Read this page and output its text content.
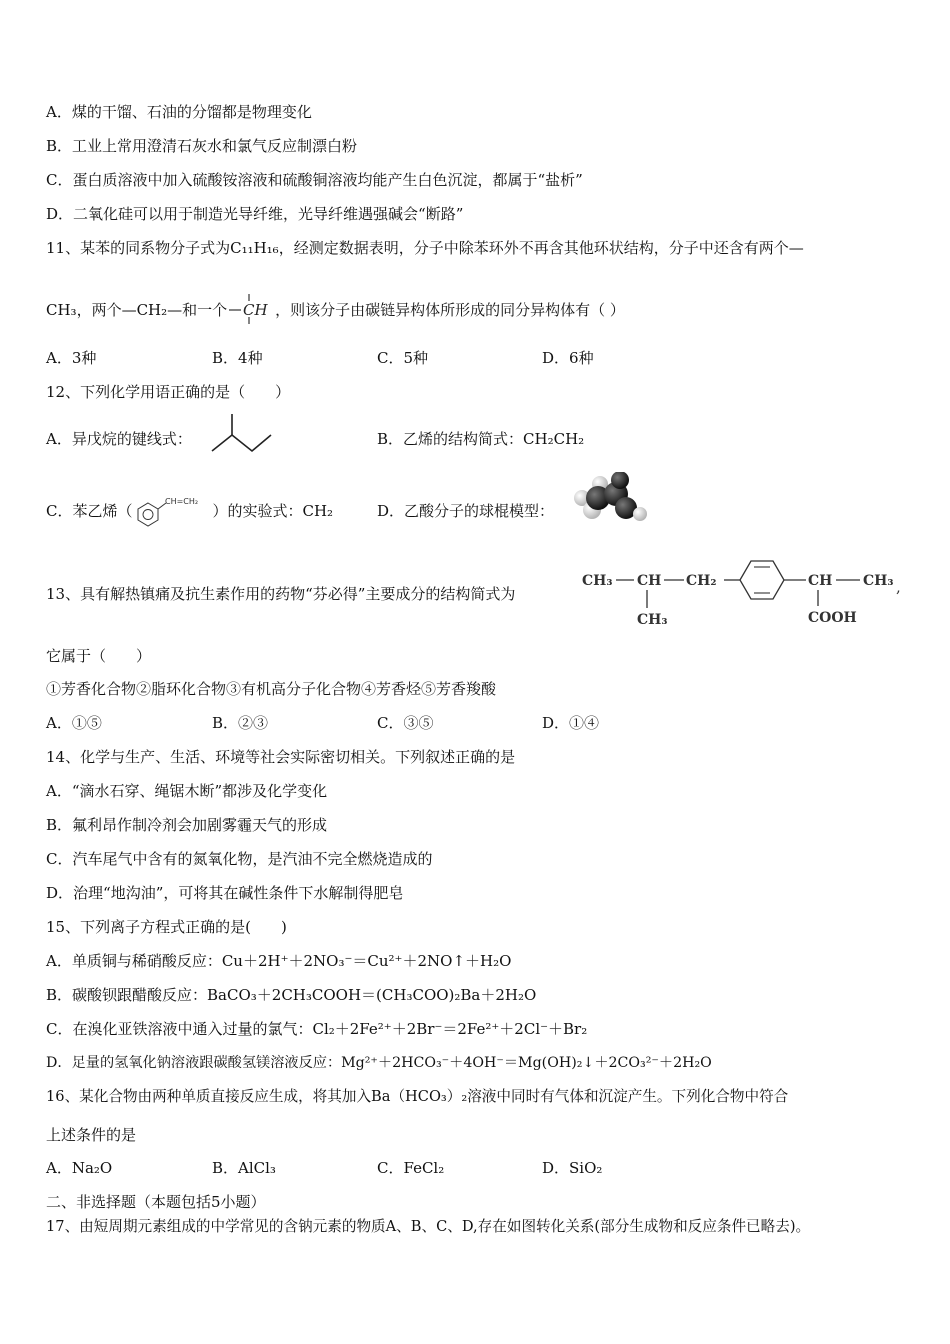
A．煤的干馏、石油的分馏都是物理变化
B．工业上常用澄清石灰水和氯气反应制漂白粉
C．蛋白质溶液中加入硫酸铵溶液和硫酸铜溶液均能产生白色沉淀，都属于“盐析”
D．二氧化硅可以用于制造光导纤维，光导纤维遇强碱会“断路”
11、某苯的同系物分子式为C₁₁H₁₆，经测定数据表明，分子中除苯环外不再含其他环状结构，分子中还含有两个—
CH₃，两个—CH₂—和一个 CH ，则该分子由碳链异构体所形成的同分异构体有（ ）
A．3种	B．4种	C．5种	D．6种
12、下列化学用语正确的是（　　）
A．异戊烷的键线式：	B．乙烯的结构简式：CH₂CH₂
C．苯乙烯（
CH=CH₂
）的实验式：CH₂	D．乙酸分子的球棍模型：
13、具有解热镇痛及抗生素作用的药物“芬必得”主要成分的结构简式为
CH₃ CH CH₂
CH₃
CH CH₃
COOH
,
它属于（　　）
①芳香化合物②脂环化合物③有机高分子化合物④芳香烃⑤芳香羧酸
A．①⑤	B．②③	C．③⑤	D．①④
14、化学与生产、生活、环境等社会实际密切相关。下列叙述正确的是
A．“滴水石穿、绳锯木断”都涉及化学变化
B．氟利昂作制冷剂会加剧雾霾天气的形成
C．汽车尾气中含有的氮氧化物，是汽油不完全燃烧造成的
D．治理“地沟油”，可将其在碱性条件下水解制得肥皂
15、下列离子方程式正确的是(　　)
A．单质铜与稀硝酸反应：Cu＋2H⁺＋2NO₃⁻＝Cu²⁺＋2NO↑＋H₂O
B．碳酸钡跟醋酸反应：BaCO₃＋2CH₃COOH＝(CH₃COO)₂Ba＋2H₂O
C．在溴化亚铁溶液中通入过量的氯气：Cl₂＋2Fe²⁺＋2Br⁻＝2Fe²⁺＋2Cl⁻＋Br₂
D．足量的氢氧化钠溶液跟碳酸氢镁溶液反应：Mg²⁺＋2HCO₃⁻＋4OH⁻＝Mg(OH)₂↓＋2CO₃²⁻＋2H₂O
16、某化合物由两种单质直接反应生成，将其加入Ba（HCO₃）₂溶液中同时有气体和沉淀产生。下列化合物中符合
上述条件的是
A．Na₂O	B．AlCl₃	C．FeCl₂	D．SiO₂
二、非选择题（本题包括5小题）
17、由短周期元素组成的中学常见的含钠元素的物质A、B、C、D,存在如图转化关系(部分生成物和反应条件已略去)。
